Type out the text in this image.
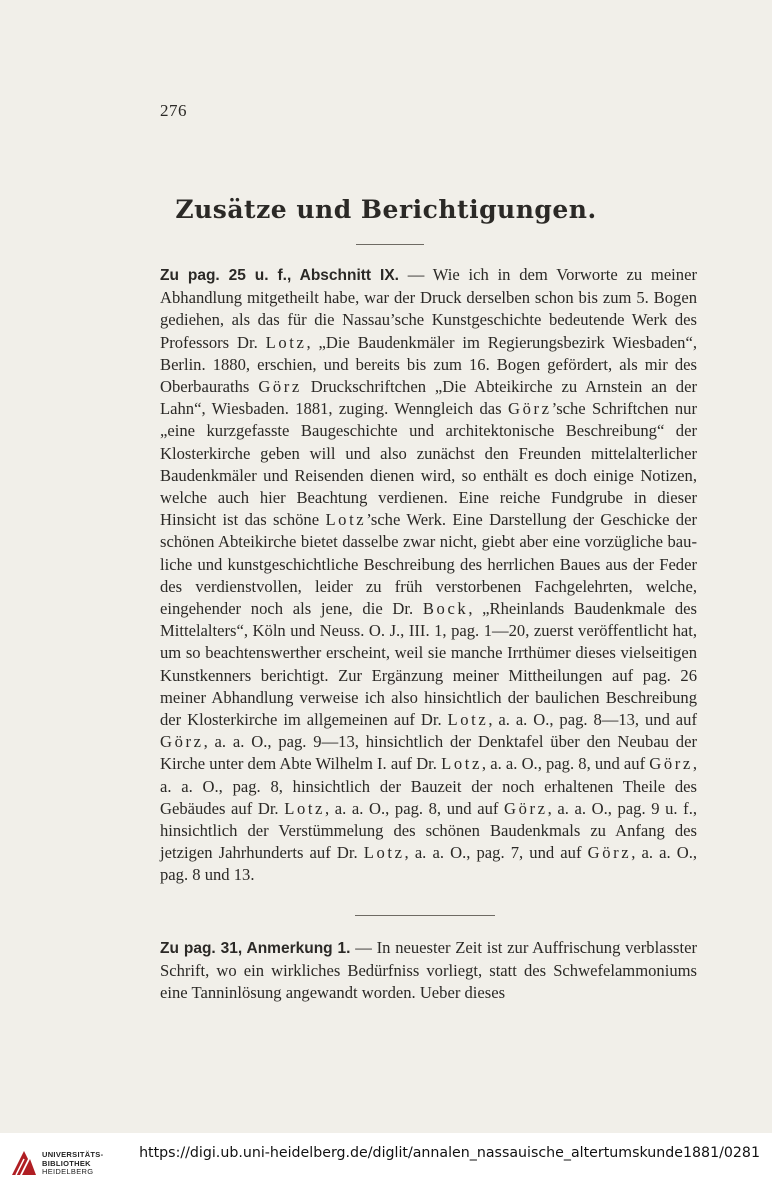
276
Zusätze und Berichtigungen.
Zu pag. 25 u. f., Abschnitt IX. — Wie ich in dem Vorworte zu meiner Abhandlung mitgetheilt habe, war der Druck derselben schon bis zum 5. Bogen gediehen, als das für die Nassau’sche Kunstgeschichte bedeutende Werk des Professors Dr. Lotz, „Die Baudenkmäler im Regierungsbezirk Wiesbaden“, Berlin. 1880, erschien, und bereits bis zum 16. Bogen gefördert, als mir des Oberbauraths Görz Druckschriftchen „Die Abteikirche zu Arnstein an der Lahn“, Wiesbaden. 1881, zuging. Wenngleich das Görz’sche Schriftchen nur „eine kurzgefasste Baugeschichte und architektonische Beschreibung“ der Klosterkirche geben will und also zunächst den Freunden mittelalterlicher Baudenkmäler und Reisenden dienen wird, so enthält es doch einige Notizen, welche auch hier Beachtung verdienen. Eine reiche Fundgrube in dieser Hinsicht ist das schöne Lotz’sche Werk. Eine Darstellung der Geschicke der schönen Abteikirche bietet dasselbe zwar nicht, giebt aber eine vorzügliche bauliche und kunstgeschichtliche Beschreibung des herrlichen Baues aus der Feder des verdienstvollen, leider zu früh verstorbenen Fachgelehrten, welche, eingehender noch als jene, die Dr. Bock, „Rheinlands Baudenkmale des Mittelalters“, Köln und Neuss. O. J., III. 1, pag. 1—20, zuerst veröffentlicht hat, um so beachtenswerther erscheint, weil sie manche Irrthümer dieses vielseitigen Kunstkenners berichtigt. Zur Ergänzung meiner Mittheilungen auf pag. 26 meiner Abhandlung verweise ich also hinsichtlich der baulichen Beschreibung der Klosterkirche im allgemeinen auf Dr. Lotz, a. a. O., pag. 8—13, und auf Görz, a. a. O., pag. 9—13, hinsichtlich der Denktafel über den Neubau der Kirche unter dem Abte Wilhelm I. auf Dr. Lotz, a. a. O., pag. 8, und auf Görz, a. a. O., pag. 8, hinsichtlich der Bauzeit der noch erhaltenen Theile des Gebäudes auf Dr. Lotz, a. a. O., pag. 8, und auf Görz, a. a. O., pag. 9 u. f., hinsichtlich der Verstümmelung des schönen Baudenkmals zu Anfang des jetzigen Jahrhunderts auf Dr. Lotz, a. a. O., pag. 7, und auf Görz, a. a. O., pag. 8 und 13.
Zu pag. 31, Anmerkung 1. — In neuester Zeit ist zur Auffrischung verblasster Schrift, wo ein wirkliches Bedürfniss vorliegt, statt des Schwefelammoniums eine Tanninlösung angewandt worden. Ueber dieses
UNIVERSITÄTS-
BIBLIOTHEK
HEIDELBERG
https://digi.ub.uni-heidelberg.de/diglit/annalen_nassauische_altertumskunde1881/0281
